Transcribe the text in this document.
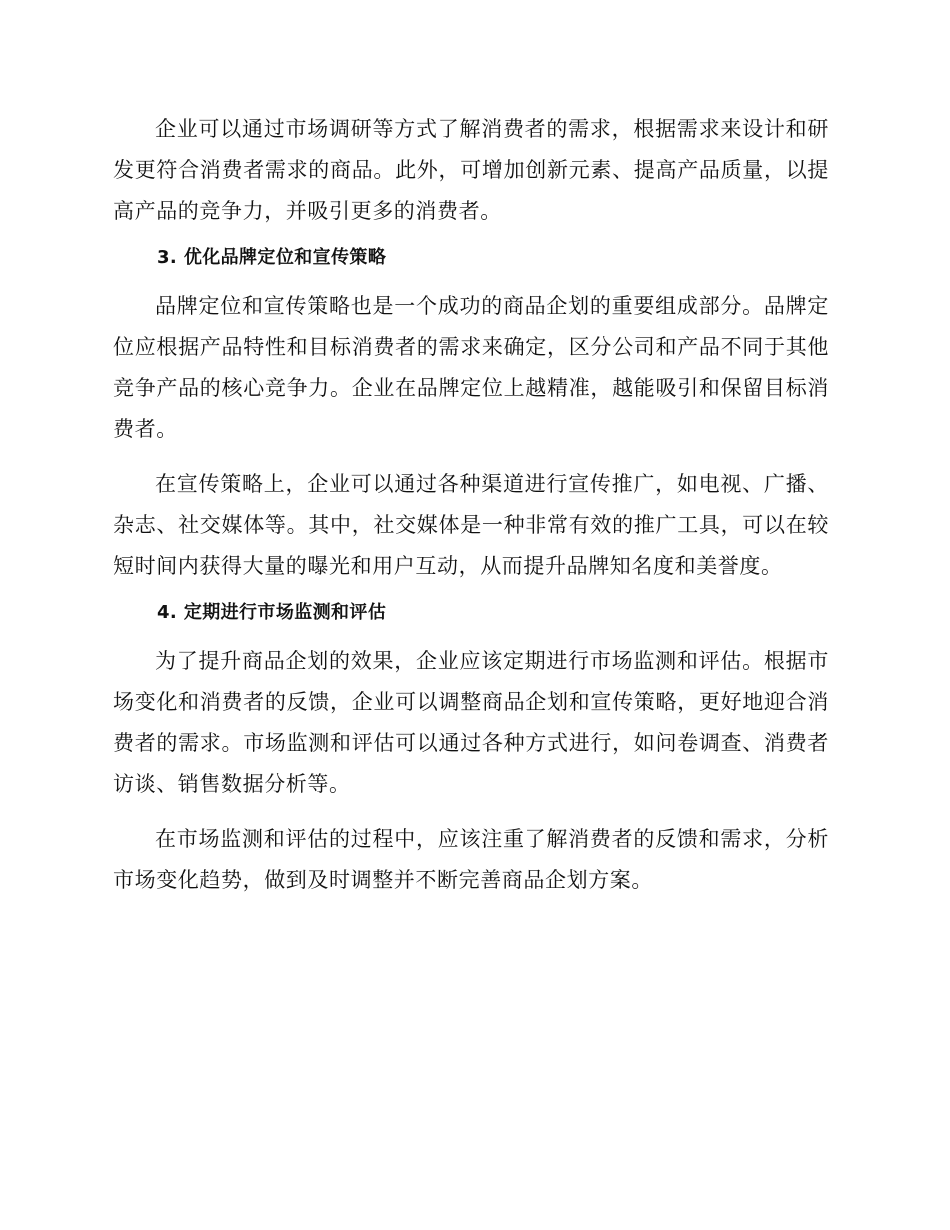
企业可以通过市场调研等方式了解消费者的需求，根据需求来设计和研发更符合消费者需求的商品。此外，可增加创新元素、提高产品质量，以提高产品的竞争力，并吸引更多的消费者。

3. 优化品牌定位和宣传策略

品牌定位和宣传策略也是一个成功的商品企划的重要组成部分。品牌定位应根据产品特性和目标消费者的需求来确定，区分公司和产品不同于其他竞争产品的核心竞争力。企业在品牌定位上越精准，越能吸引和保留目标消费者。

在宣传策略上，企业可以通过各种渠道进行宣传推广，如电视、广播、杂志、社交媒体等。其中，社交媒体是一种非常有效的推广工具，可以在较短时间内获得大量的曝光和用户互动，从而提升品牌知名度和美誉度。

4. 定期进行市场监测和评估

为了提升商品企划的效果，企业应该定期进行市场监测和评估。根据市场变化和消费者的反馈，企业可以调整商品企划和宣传策略，更好地迎合消费者的需求。市场监测和评估可以通过各种方式进行，如问卷调查、消费者访谈、销售数据分析等。

在市场监测和评估的过程中，应该注重了解消费者的反馈和需求，分析市场变化趋势，做到及时调整并不断完善商品企划方案。
